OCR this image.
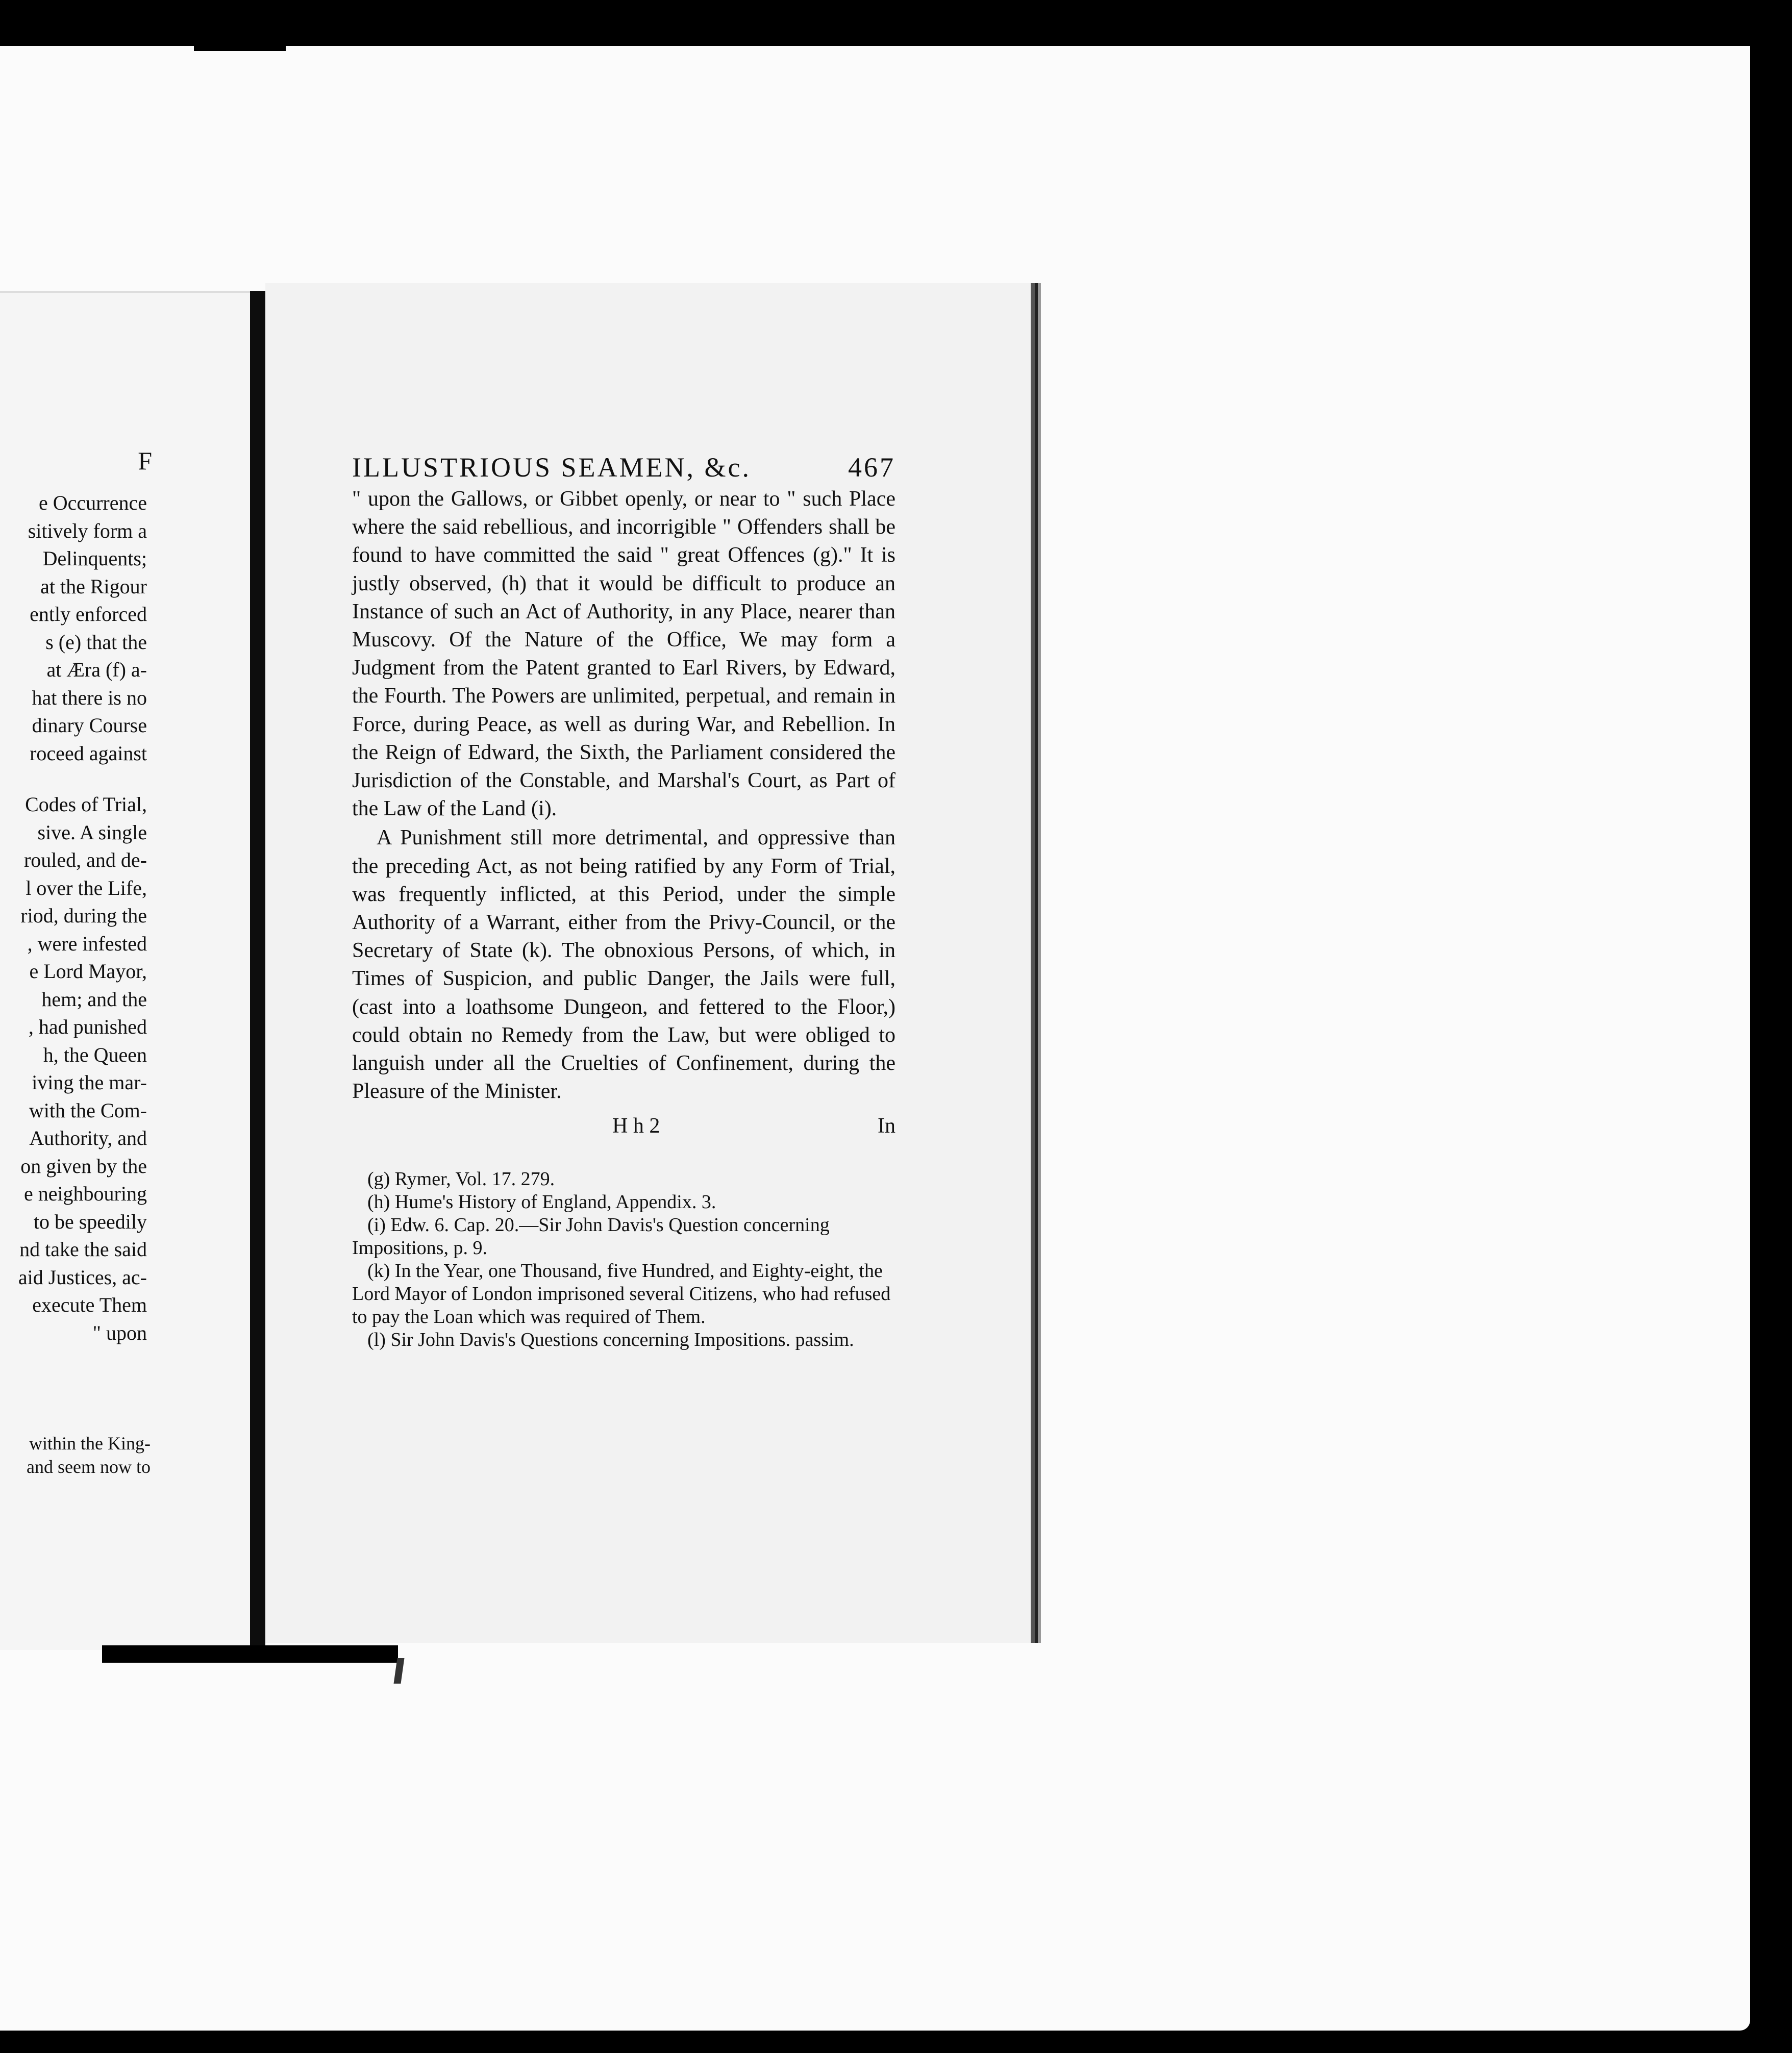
F
e Occurrence
sitively form a
Delinquents;
at the Rigour
ently enforced
s (e) that the
at Æra (f) a-
hat there is no
dinary Course
roceed against
Codes of Trial,
sive. A single
rouled, and de-
l over the Life,
riod, during the
, were infested
e Lord Mayor,
hem; and the
, had punished
h, the Queen
iving the mar-
with the Com-
Authority, and
on given by the
e neighbouring
to be speedily
nd take the said
aid Justices, ac-
execute Them
" upon
within the King-
and seem now to
ILLUSTRIOUS SEAMEN, &c.	467

" upon the Gallows, or Gibbet openly, or near to " such Place where the said rebellious, and incorrigible " Offenders shall be found to have committed the said " great Offences (g)." It is justly observed, (h) that it would be difficult to produce an Instance of such an Act of Authority, in any Place, nearer than Muscovy. Of the Nature of the Office, We may form a Judgment from the Patent granted to Earl Rivers, by Edward, the Fourth. The Powers are unlimited, perpetual, and remain in Force, during Peace, as well as during War, and Rebellion. In the Reign of Edward, the Sixth, the Parliament considered the Jurisdiction of the Constable, and Marshal's Court, as Part of the Law of the Land (i).

A Punishment still more detrimental, and oppressive than the preceding Act, as not being ratified by any Form of Trial, was frequently inflicted, at this Period, under the simple Authority of a Warrant, either from the Privy-Council, or the Secretary of State (k). The obnoxious Persons, of which, in Times of Suspicion, and public Danger, the Jails were full, (cast into a loathsome Dungeon, and fettered to the Floor,) could obtain no Remedy from the Law, but were obliged to languish under all the Cruelties of Confinement, during the Pleasure of the Minister.

H h 2	In

(g) Rymer, Vol. 17. 279.

(h) Hume's History of England, Appendix. 3.

(i) Edw. 6. Cap. 20.—Sir John Davis's Question concerning Impositions, p. 9.

(k) In the Year, one Thousand, five Hundred, and Eighty-eight, the Lord Mayor of London imprisoned several Citizens, who had refused to pay the Loan which was required of Them.

(l) Sir John Davis's Questions concerning Impositions. passim.
